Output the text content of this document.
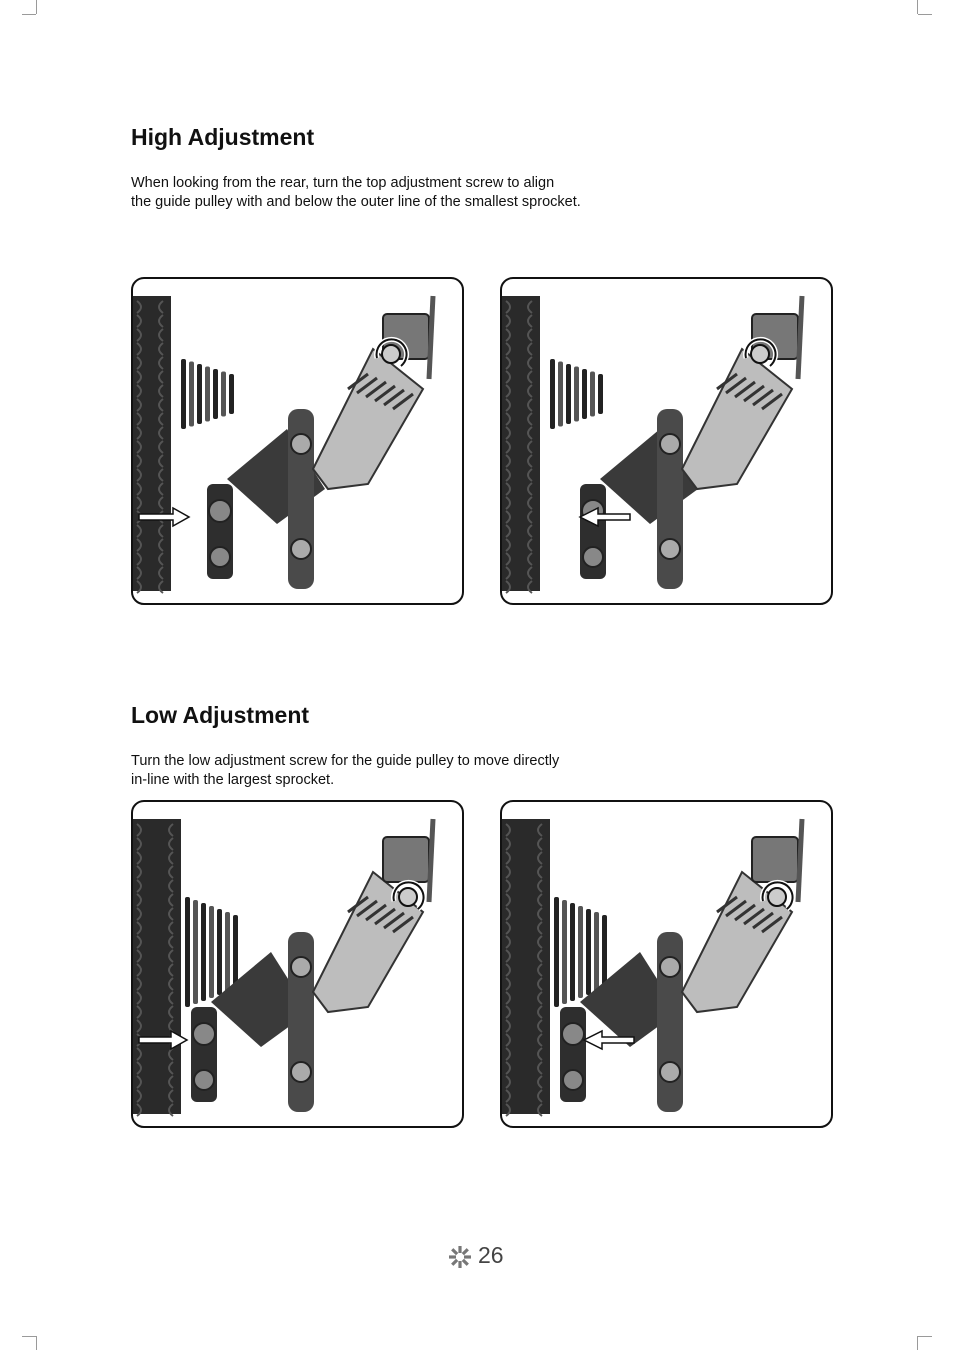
High Adjustment

When looking from the rear, turn the top adjustment screw to align
the guide pulley with and below the outer line of the smallest sprocket.

Low Adjustment

Turn the low adjustment screw for the guide pulley to move directly
in-line with the largest sprocket.

26
